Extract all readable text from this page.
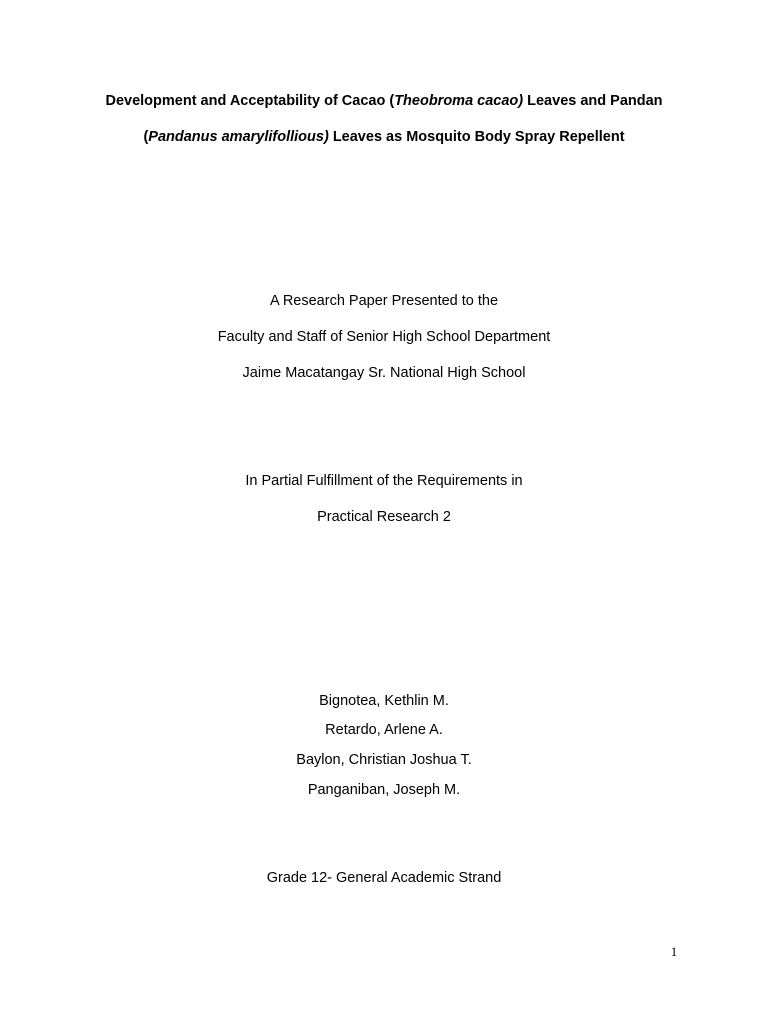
Development and Acceptability of Cacao (Theobroma cacao) Leaves and Pandan
(Pandanus amarylifollious) Leaves as Mosquito Body Spray Repellent
A Research Paper Presented to the
Faculty and Staff of Senior High School Department
Jaime Macatangay Sr. National High School
In Partial Fulfillment of the Requirements in
Practical Research 2
Bignotea, Kethlin M.
Retardo, Arlene A.
Baylon, Christian Joshua T.
Panganiban, Joseph M.
Grade 12- General Academic Strand
1
